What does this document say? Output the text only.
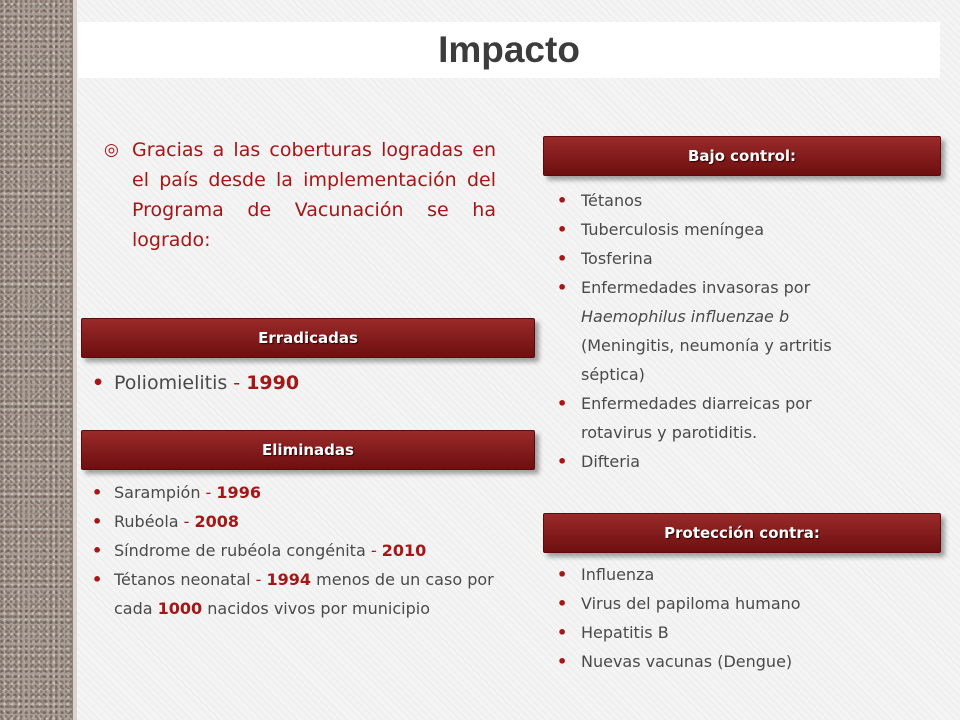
Impacto
◎ Gracias a las coberturas logradas en el país desde la implementación del Programa de Vacunación se ha logrado:
Erradicadas
• Poliomielitis - 1990
Eliminadas
• Sarampión - 1996
• Rubéola - 2008
• Síndrome de rubéola congénita - 2010
• Tétanos neonatal - 1994 menos de un caso por cada 1000 nacidos vivos por municipio
Bajo control:
• Tétanos
• Tuberculosis meníngea
• Tosferina
• Enfermedades invasoras por Haemophilus influenzae b (Meningitis, neumonía y artritis séptica)
• Enfermedades diarreicas por rotavirus y parotiditis.
• Difteria
Protección contra:
• Influenza
• Virus del papiloma humano
• Hepatitis B
• Nuevas vacunas (Dengue)
